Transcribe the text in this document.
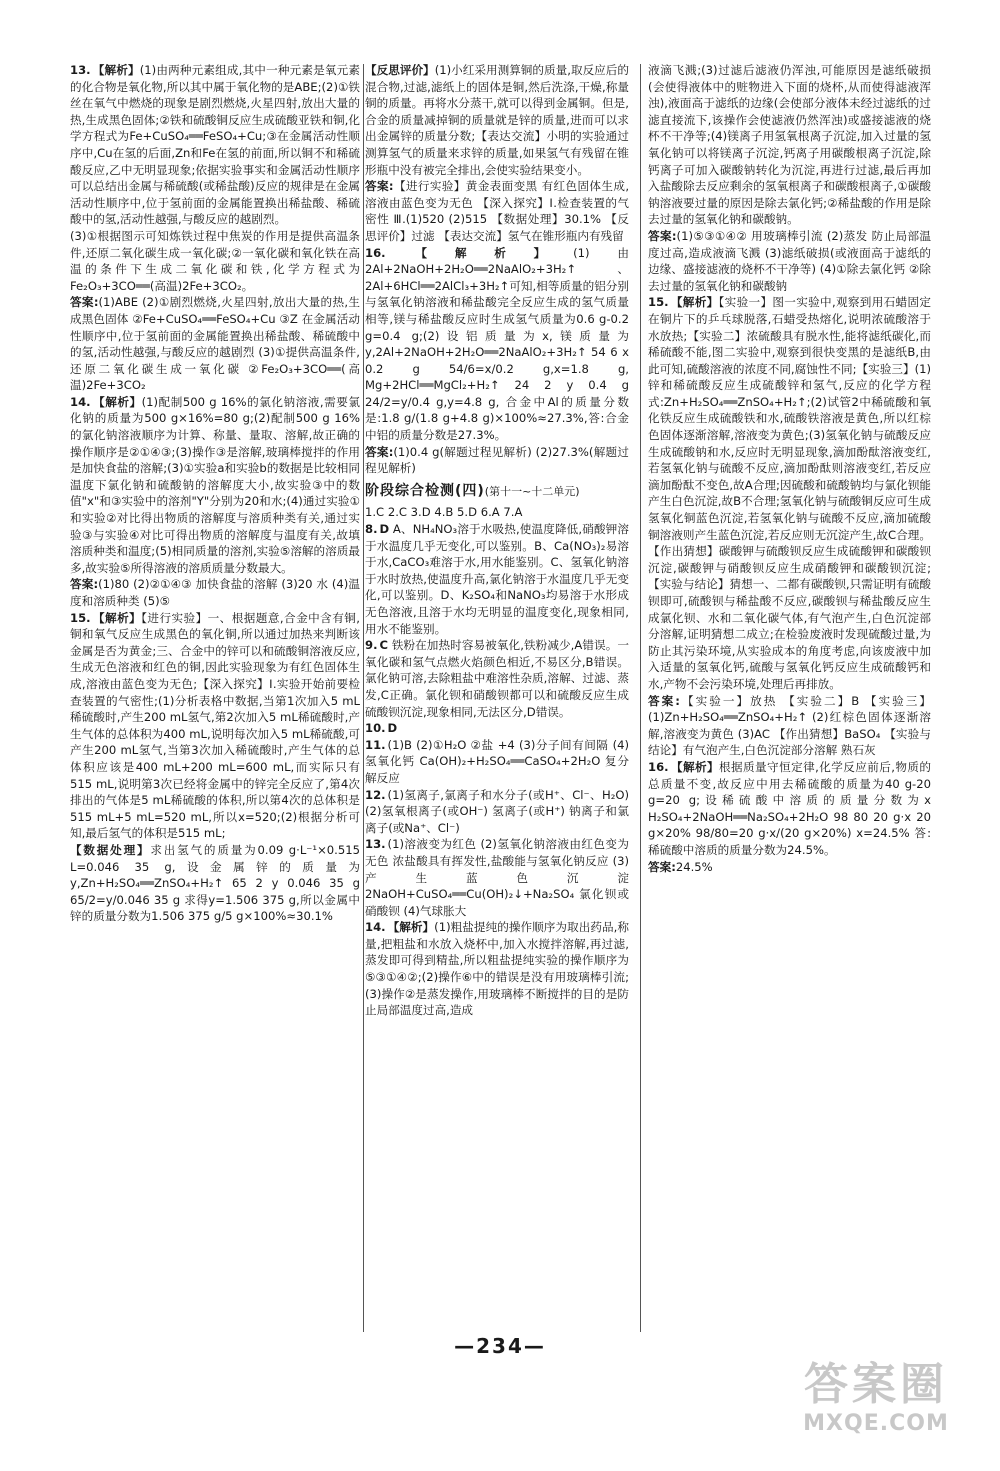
13. 【解析】(1)由两种元素组成,其中一种元素是氧元素的化合物是氧化物,所以其中属于氧化物的是ABE;(2)①铁丝在氧气中燃烧的现象是剧烈燃烧,火星四射,放出大量的热,生成黑色固体;②铁和硫酸铜反应生成硫酸亚铁和铜,化学方程式为Fe+CuSO₄══FeSO₄+Cu;③在金属活动性顺序中,Cu在氢的后面,Zn和Fe在氢的前面,所以铜不和稀硫酸反应,乙中无明显现象;依据实验事实和金属活动性顺序可以总结出金属与稀硫酸(或稀盐酸)反应的规律是在金属活动性顺序中,位于氢前面的金属能置换出稀盐酸、稀硫酸中的氢,活动性越强,与酸反应的越剧烈。

(3)①根据图示可知炼铁过程中焦炭的作用是提供高温条件,还原二氧化碳生成一氧化碳;②一氧化碳和氧化铁在高温的条件下生成二氧化碳和铁,化学方程式为Fe₂O₃+3CO══(高温)2Fe+3CO₂。

答案:(1)ABE (2)①剧烈燃烧,火星四射,放出大量的热,生成黑色固体 ②Fe+CuSO₄══FeSO₄+Cu ③Z 在金属活动性顺序中,位于氢前面的金属能置换出稀盐酸、稀硫酸中的氢,活动性越强,与酸反应的越剧烈 (3)①提供高温条件,还原二氧化碳生成一氧化碳 ②Fe₂O₃+3CO══(高温)2Fe+3CO₂

14. 【解析】(1)配制500 g 16%的氯化钠溶液,需要氯化钠的质量为500 g×16%=80 g;(2)配制500 g 16%的氯化钠溶液顺序为计算、称量、量取、溶解,故正确的操作顺序是②①④③;(3)操作③是溶解,玻璃棒搅拌的作用是加快食盐的溶解;(3)①实验a和实验b的数据是比较相同温度下氯化钠和硫酸钠的溶解度大小,故实验③中的数值"x"和③实验中的溶剂"Y"分别为20和水;(4)通过实验①和实验②对比得出物质的溶解度与溶质种类有关,通过实验③与实验④对比可得出物质的溶解度与温度有关,故填溶质种类和温度;(5)相同质量的溶剂,实验⑤溶解的溶质最多,故实验⑤所得溶液的溶质质量分数最大。

答案:(1)80 (2)②①④③ 加快食盐的溶解 (3)20 水 (4)温度和溶质种类 (5)⑤

15. 【解析】【进行实验】一、根据题意,合金中含有铜,铜和氧气反应生成黑色的氧化铜,所以通过加热来判断该金属是否为黄金;三、合金中的锌可以和硫酸铜溶液反应,生成无色溶液和红色的铜,因此实验现象为有红色固体生成,溶液由蓝色变为无色;【深入探究】Ⅰ.实验开始前要检查装置的气密性;(1)分析表格中数据,当第1次加入5 mL稀硫酸时,产生200 mL氢气,第2次加入5 mL稀硫酸时,产生气体的总体积为400 mL,说明每次加入5 mL稀硫酸,可产生200 mL氢气,当第3次加入稀硫酸时,产生气体的总体积应该是400 mL+200 mL=600 mL,而实际只有515 mL,说明第3次已经将金属中的锌完全反应了,第4次排出的气体是5 mL稀硫酸的体积,所以第4次的总体积是515 mL+5 mL=520 mL,所以x=520;(2)根据分析可知,最后氢气的体积是515 mL;

【数据处理】求出氢气的质量为0.09 g·L⁻¹×0.515 L=0.046 35 g,设金属锌的质量为y,Zn+H₂SO₄══ZnSO₄+H₂↑ 65 2 y 0.046 35 g 65/2=y/0.046 35 g 求得y=1.506 375 g,所以金属中锌的质量分数为1.506 375 g/5 g×100%≈30.1%

【反思评价】(1)小红采用测算铜的质量,取反应后的混合物,过滤,滤纸上的固体是铜,然后洗涤,干燥,称量铜的质量。再将水分蒸干,就可以得到金属铜。但是,合金的质量减掉铜的质量就是锌的质量,进而可以求出金属锌的质量分数;【表达交流】小明的实验通过测算氢气的质量来求锌的质量,如果氢气有残留在锥形瓶中没有被完全排出,会使实验结果变小。

答案:【进行实验】黄金表面变黑 有红色固体生成,溶液由蓝色变为无色 【深入探究】Ⅰ.检查装置的气密性 Ⅲ.(1)520 (2)515 【数据处理】30.1% 【反思评价】过滤 【表达交流】氢气在锥形瓶内有残留

16. 【解析】(1)由2Al+2NaOH+2H₂O══2NaAlO₂+3H₂↑、2Al+6HCl══2AlCl₃+3H₂↑可知,相等质量的铝分别与氢氧化钠溶液和稀盐酸完全反应生成的氢气质量相等,镁与稀盐酸反应时生成氢气质量为0.6 g-0.2 g=0.4 g;(2)设铝质量为x,镁质量为y,2Al+2NaOH+2H₂O══2NaAlO₂+3H₂↑ 54 6 x 0.2 g 54/6=x/0.2 g,x=1.8 g, Mg+2HCl══MgCl₂+H₂↑ 24 2 y 0.4 g 24/2=y/0.4 g,y=4.8 g, 合金中Al的质量分数是:1.8 g/(1.8 g+4.8 g)×100%≈27.3%,答:合金中铝的质量分数是27.3%。

答案:(1)0.4 g(解题过程见解析) (2)27.3%(解题过程见解析)

阶段综合检测(四)(第十一~十二单元)

1.C 2.C 3.D 4.B 5.D 6.A 7.A

8. D A、NH₄NO₃溶于水吸热,使温度降低,硝酸钾溶于水温度几乎无变化,可以鉴别。B、Ca(NO₃)₂易溶于水,CaCO₃难溶于水,用水能鉴别。C、氢氧化钠溶于水时放热,使温度升高,氯化钠溶于水温度几乎无变化,可以鉴别。D、K₂SO₄和NaNO₃均易溶于水形成无色溶液,且溶于水均无明显的温度变化,现象相同,用水不能鉴别。

9. C 铁粉在加热时容易被氧化,铁粉减少,A错误。一氧化碳和氢气点燃火焰颜色相近,不易区分,B错误。氯化钠可溶,去除粗盐中难溶性杂质,溶解、过滤、蒸发,C正确。氯化钡和硝酸钡都可以和硫酸反应生成硫酸钡沉淀,现象相同,无法区分,D错误。

10. D

11. (1)B (2)①H₂O ②盐 +4 (3)分子间有间隔 (4)氢氧化钙 Ca(OH)₂+H₂SO₄══CaSO₄+2H₂O 复分解反应

12. (1)氢离子,氯离子和水分子(或H⁺、Cl⁻、H₂O) (2)氢氧根离子(或OH⁻) 氢离子(或H⁺) 钠离子和氯离子(或Na⁺、Cl⁻)

13. (1)溶液变为红色 (2)氢氧化钠溶液由红色变为无色 浓盐酸具有挥发性,盐酸能与氢氧化钠反应 (3)产生蓝色沉淀 2NaOH+CuSO₄══Cu(OH)₂↓+Na₂SO₄ 氯化钡或硝酸钡 (4)气球胀大

14. 【解析】(1)粗盐提纯的操作顺序为取出药品,称量,把粗盐和水放入烧杯中,加入水搅拌溶解,再过滤,蒸发即可得到精盐,所以粗盐提纯实验的操作顺序为⑤③①④②;(2)操作⑥中的错误是没有用玻璃棒引流;(3)操作②是蒸发操作,用玻璃棒不断搅拌的目的是防止局部温度过高,造成

液滴飞溅;(3)过滤后滤液仍浑浊,可能原因是滤纸破损(会使得液体中的赃物进入下面的烧杯,从而使得滤液浑浊),液面高于滤纸的边缘(会使部分液体未经过滤纸的过滤直接流下,该操作会使滤液仍然浑浊)或盛接滤液的烧杯不干净等;(4)镁离子用氢氧根离子沉淀,加入过量的氢氧化钠可以将镁离子沉淀,钙离子用碳酸根离子沉淀,除钙离子可加入碳酸钠转化为沉淀,再进行过滤,最后再加入盐酸除去反应剩余的氢氧根离子和碳酸根离子,①碳酸钠溶液要过量的原因是除去氯化钙;②稀盐酸的作用是除去过量的氢氧化钠和碳酸钠。

答案:(1)⑤③①④② 用玻璃棒引流 (2)蒸发 防止局部温度过高,造成液滴飞溅 (3)滤纸破损(或液面高于滤纸的边缘、盛接滤液的烧杯不干净等) (4)①除去氯化钙 ②除去过量的氢氧化钠和碳酸钠

15. 【解析】【实验一】图一实验中,观察到用石蜡固定在铜片下的乒乓球脱落,石蜡受热熔化,说明浓硫酸溶于水放热;【实验二】浓硫酸具有脱水性,能将滤纸碳化,而稀硫酸不能,图二实验中,观察到很快变黑的是滤纸B,由此可知,硫酸溶液的浓度不同,腐蚀性不同;【实验三】(1)锌和稀硫酸反应生成硫酸锌和氢气,反应的化学方程式:Zn+H₂SO₄══ZnSO₄+H₂↑;(2)试管2中稀硫酸和氧化铁反应生成硫酸铁和水,硫酸铁溶液是黄色,所以红棕色固体逐渐溶解,溶液变为黄色;(3)氢氧化钠与硫酸反应生成硫酸钠和水,反应时无明显现象,滴加酚酞溶液变红,若氢氧化钠与硫酸不反应,滴加酚酞则溶液变红,若反应滴加酚酞不变色,故A合理;因硫酸和硫酸钠均与氯化钡能产生白色沉淀,故B不合理;氢氧化钠与硫酸铜反应可生成氢氧化铜蓝色沉淀,若氢氧化钠与硫酸不反应,滴加硫酸铜溶液则产生蓝色沉淀,若反应则无沉淀产生,故C合理。【作出猜想】碳酸钾与硫酸钡反应生成硫酸钾和碳酸钡沉淀,碳酸钾与硝酸钡反应生成硝酸钾和碳酸钡沉淀;【实验与结论】猜想一、二都有碳酸钡,只需证明有硫酸钡即可,硫酸钡与稀盐酸不反应,碳酸钡与稀盐酸反应生成氯化钡、水和二氧化碳气体,有气泡产生,白色沉淀部分溶解,证明猜想二成立;在检验废液时发现硫酸过量,为防止其污染环境,从实验成本的角度考虑,向该废液中加入适量的氢氧化钙,硫酸与氢氧化钙反应生成硫酸钙和水,产物不会污染环境,处理后再排放。

答案:【实验一】放热 【实验二】B 【实验三】(1)Zn+H₂SO₄══ZnSO₄+H₂↑ (2)红棕色固体逐渐溶解,溶液变为黄色 (3)AC 【作出猜想】BaSO₄ 【实验与结论】有气泡产生,白色沉淀部分溶解 熟石灰

16. 【解析】根据质量守恒定律,化学反应前后,物质的总质量不变,故反应中用去稀硫酸的质量为40 g-20 g=20 g;设稀硫酸中溶质的质量分数为x H₂SO₄+2NaOH══Na₂SO₄+2H₂O 98 80 20 g·x 20 g×20% 98/80=20 g·x/(20 g×20%) x=24.5% 答:稀硫酸中溶质的质量分数为24.5%。

答案:24.5%

—234—
答案圈
MXQE.COM
